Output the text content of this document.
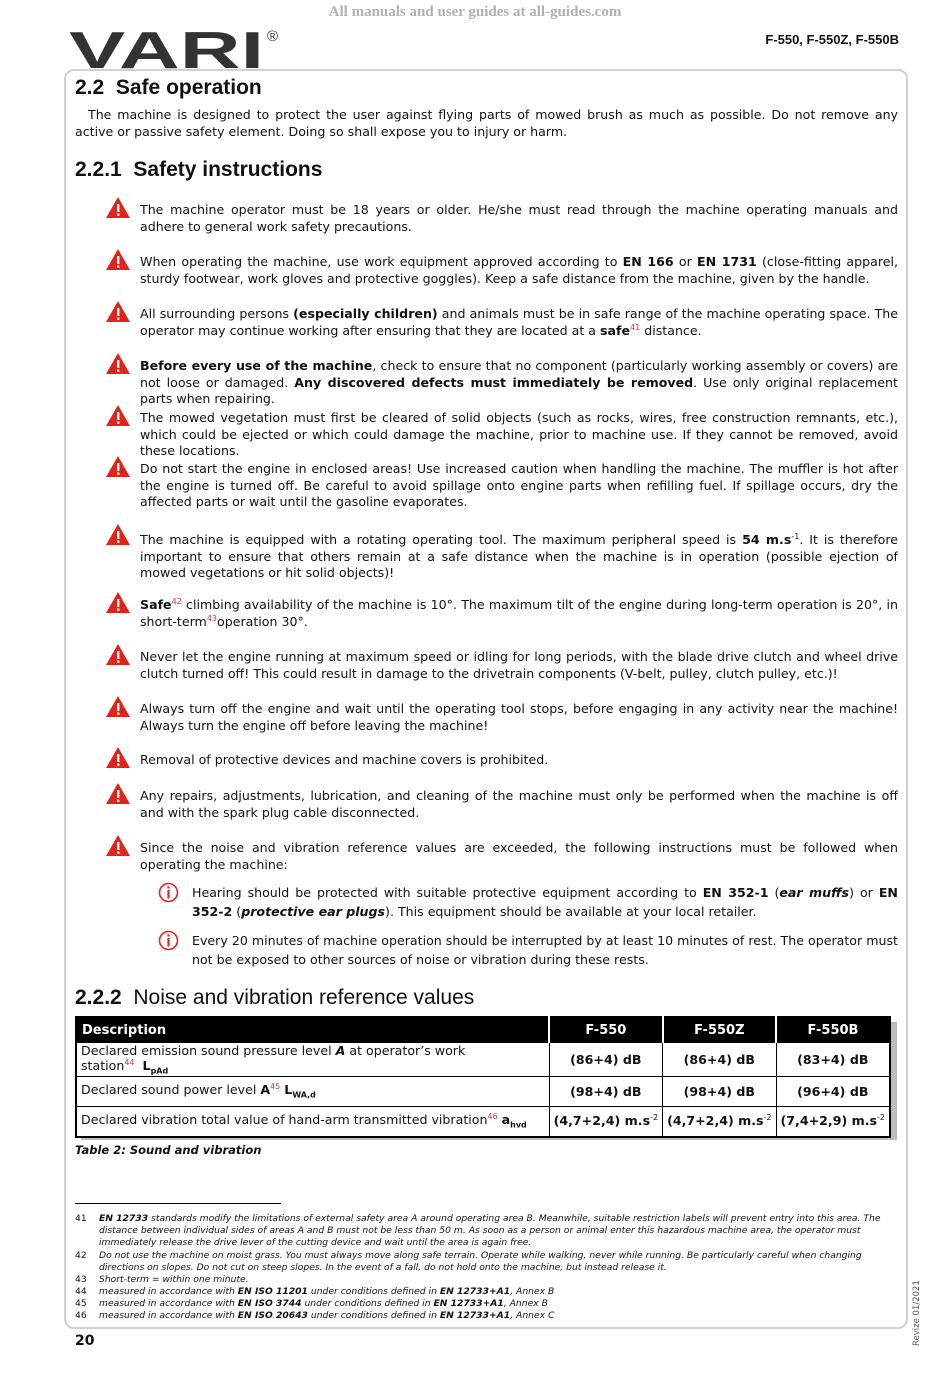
All manuals and user guides at all-guides.com
VARI ®	F-550, F-550Z, F-550B
2.2 Safe operation

The machine is designed to protect the user against flying parts of mowed brush as much as possible. Do not remove any active or passive safety element. Doing so shall expose you to injury or harm.

2.2.1 Safety instructions

The machine operator must be 18 years or older. He/she must read through the machine operating manuals and adhere to general work safety precautions.

When operating the machine, use work equipment approved according to EN 166 or EN 1731 (close-fitting apparel, sturdy footwear, work gloves and protective goggles). Keep a safe distance from the machine, given by the handle.

All surrounding persons (especially children) and animals must be in safe range of the machine operating space. The operator may continue working after ensuring that they are located at a safe$^{41}$ distance.

Before every use of the machine, check to ensure that no component (particularly working assembly or covers) are not loose or damaged. Any discovered defects must immediately be removed. Use only original replacement parts when repairing.

The mowed vegetation must first be cleared of solid objects (such as rocks, wires, free construction remnants, etc.), which could be ejected or which could damage the machine, prior to machine use. If they cannot be removed, avoid these locations.

Do not start the engine in enclosed areas! Use increased caution when handling the machine. The muffler is hot after the engine is turned off. Be careful to avoid spillage onto engine parts when refilling fuel. If spillage occurs, dry the affected parts or wait until the gasoline evaporates.

The machine is equipped with a rotating operating tool. The maximum peripheral speed is 54 $m.s^{-1}$. It is therefore important to ensure that others remain at a safe distance when the machine is in operation (possible ejection of mowed vegetations or hit solid objects)!

Safe$^{42}$ climbing availability of the machine is 10°. The maximum tilt of the engine during long-term operation is 20°, in short-term$^{43}$operation 30°.

Never let the engine running at maximum speed or idling for long periods, with the blade drive clutch and wheel drive clutch turned off! This could result in damage to the drivetrain components (V-belt, pulley, clutch pulley, etc.)!

Always turn off the engine and wait until the operating tool stops, before engaging in any activity near the machine! Always turn the engine off before leaving the machine!

Removal of protective devices and machine covers is prohibited.

Any repairs, adjustments, lubrication, and cleaning of the machine must only be performed when the machine is off and with the spark plug cable disconnected.

Since the noise and vibration reference values are exceeded, the following instructions must be followed when operating the machine:

Hearing should be protected with suitable protective equipment according to EN 352-1 (ear muffs) or EN 352-2 (protective ear plugs). This equipment should be available at your local retailer.

Every 20 minutes of machine operation should be interrupted by at least 10 minutes of rest. The operator must not be exposed to other sources of noise or vibration during these rests.

2.2.2 Noise and vibration reference values
Description	F-550	F-550Z	F-550B
Declared emission sound pressure level A at operator’s work station$^{44}$ $L_{pAd}$	(86+4) dB	(86+4) dB	(83+4) dB
Declared sound power level $A^{45}$ $L_{WA,d}$	(98+4) dB	(98+4) dB	(96+4) dB
Declared vibration total value of hand-arm transmitted vibration$^{46}$ $a_{hvd}$	(4,7+2,4) $m.s^{-2}$	(4,7+2,4) $m.s^{-2}$	(7,4+2,9) $m.s^{-2}$
Table 2: Sound and vibration
41 EN 12733 standards modify the limitations of external safety area A around operating area B. Meanwhile, suitable restriction labels will prevent entry into this area. The distance between individual sides of areas A and B must not be less than 50 m. As soon as a person or animal enter this hazardous machine area, the operator must immediately release the drive lever of the cutting device and wait until the area is again free.
42 Do not use the machine on moist grass. You must always move along safe terrain. Operate while walking, never while running. Be particularly careful when changing directions on slopes. Do not cut on steep slopes. In the event of a fall, do not hold onto the machine, but instead release it.
43 Short-term = within one minute.
44 measured in accordance with EN ISO 11201 under conditions defined in EN 12733+A1, Annex B
45 measured in accordance with EN ISO 3744 under conditions defined in EN 12733+A1, Annex B
46 measured in accordance with EN ISO 20643 under conditions defined in EN 12733+A1, Annex C
20	Revize 01/2021
